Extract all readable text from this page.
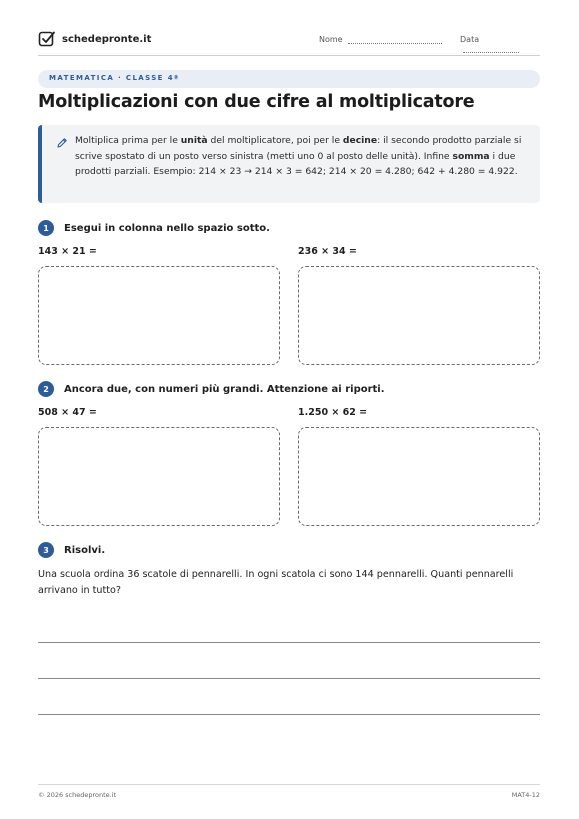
schedepronte.it	Nome	Data
MATEMATICA · CLASSE 4ª
Moltiplicazioni con due cifre al moltiplicatore

Moltiplica prima per le unità del moltiplicatore, poi per le decine: il secondo prodotto parziale si scrive spostato di un posto verso sinistra (metti uno 0 al posto delle unità). Infine somma i due prodotti parziali. Esempio: 214 × 23 → 214 × 3 = 642; 214 × 20 = 4.280; 642 + 4.280 = 4.922.

1	Esegui in colonna nello spazio sotto.
143 × 21 =	236 × 34 =
2	Ancora due, con numeri più grandi. Attenzione ai riporti.
508 × 47 =	1.250 × 62 =
3	Risolvi.
Una scuola ordina 36 scatole di pennarelli. In ogni scatola ci sono 144 pennarelli. Quanti pennarelli arrivano in tutto?
© 2026 schedepronte.it	MAT4-12
